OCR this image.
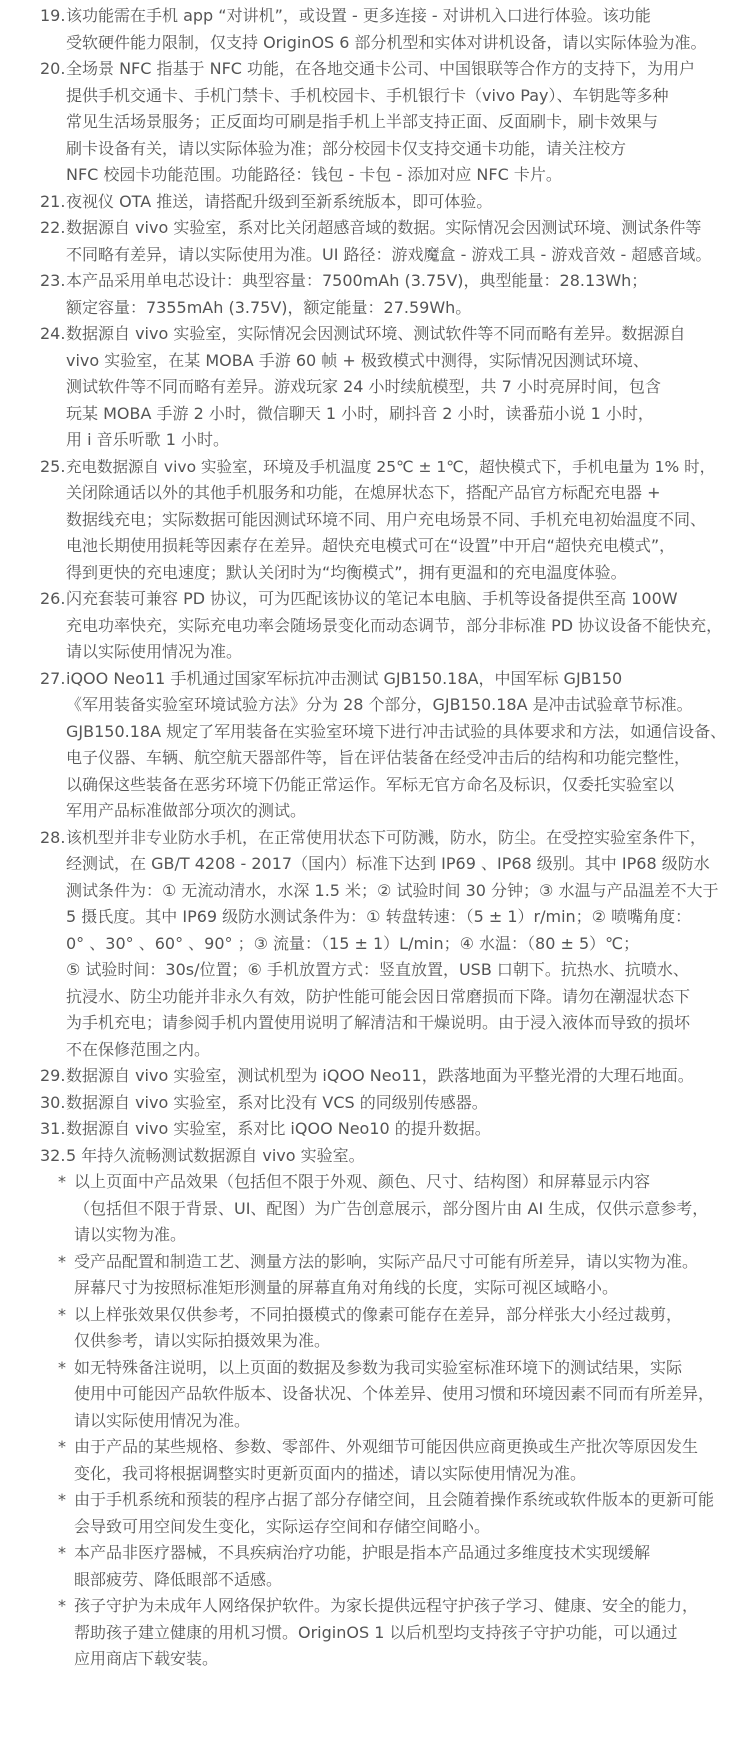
19. 该功能需在手机 app “对讲机”，或设置 - 更多连接 - 对讲机入口进行体验。该功能
受软硬件能力限制，仅支持 OriginOS 6 部分机型和实体对讲机设备，请以实际体验为准。
20. 全场景 NFC 指基于 NFC 功能，在各地交通卡公司、中国银联等合作方的支持下，为用户
提供手机交通卡、手机门禁卡、手机校园卡、手机银行卡（vivo Pay）、车钥匙等多种
常见生活场景服务；正反面均可刷是指手机上半部支持正面、反面刷卡，刷卡效果与
刷卡设备有关，请以实际体验为准；部分校园卡仅支持交通卡功能，请关注校方
NFC 校园卡功能范围。功能路径：钱包 - 卡包 - 添加对应 NFC 卡片。
21. 夜视仪 OTA 推送，请搭配升级到至新系统版本，即可体验。
22. 数据源自 vivo 实验室，系对比关闭超感音域的数据。实际情况会因测试环境、测试条件等
不同略有差异，请以实际使用为准。UI 路径：游戏魔盒 - 游戏工具 - 游戏音效 - 超感音域。
23. 本产品采用单电芯设计：典型容量：7500mAh (3.75V)，典型能量：28.13Wh；
额定容量：7355mAh (3.75V)，额定能量：27.59Wh。
24. 数据源自 vivo 实验室，实际情况会因测试环境、测试软件等不同而略有差异。数据源自
vivo 实验室，在某 MOBA 手游 60 帧 + 极致模式中测得，实际情况因测试环境、
测试软件等不同而略有差异。游戏玩家 24 小时续航模型，共 7 小时亮屏时间，包含
玩某 MOBA 手游 2 小时，微信聊天 1 小时，刷抖音 2 小时，读番茄小说 1 小时，
用 i 音乐听歌 1 小时。
25. 充电数据源自 vivo 实验室，环境及手机温度 25℃ ± 1℃，超快模式下，手机电量为 1% 时，
关闭除通话以外的其他手机服务和功能，在熄屏状态下，搭配产品官方标配充电器 +
数据线充电；实际数据可能因测试环境不同、用户充电场景不同、手机充电初始温度不同、
电池长期使用损耗等因素存在差异。超快充电模式可在“设置”中开启“超快充电模式”，
得到更快的充电速度；默认关闭时为“均衡模式”，拥有更温和的充电温度体验。
26. 闪充套装可兼容 PD 协议，可为匹配该协议的笔记本电脑、手机等设备提供至高 100W
充电功率快充，实际充电功率会随场景变化而动态调节，部分非标准 PD 协议设备不能快充，
请以实际使用情况为准。
27. iQOO Neo11 手机通过国家军标抗冲击测试 GJB150.18A，中国军标 GJB150
《军用装备实验室环境试验方法》分为 28 个部分，GJB150.18A 是冲击试验章节标准。
GJB150.18A 规定了军用装备在实验室环境下进行冲击试验的具体要求和方法，如通信设备、
电子仪器、车辆、航空航天器部件等，旨在评估装备在经受冲击后的结构和功能完整性，
以确保这些装备在恶劣环境下仍能正常运作。军标无官方命名及标识，仅委托实验室以
军用产品标准做部分项次的测试。
28. 该机型并非专业防水手机，在正常使用状态下可防溅，防水，防尘。在受控实验室条件下，
经测试，在 GB/T 4208 - 2017（国内）标准下达到 IP69 、IP68 级别。其中 IP68 级防水
测试条件为：① 无流动清水，水深 1.5 米；② 试验时间 30 分钟；③ 水温与产品温差不大于
5 摄氏度。其中 IP69 级防水测试条件为：① 转盘转速：（5 ± 1）r/min；② 喷嘴角度：
0° 、30° 、60° 、90° ；③ 流量：（15 ± 1）L/min；④ 水温：（80 ± 5）℃；
⑤ 试验时间：30s/位置；⑥ 手机放置方式：竖直放置，USB 口朝下。抗热水、抗喷水、
抗浸水、防尘功能并非永久有效，防护性能可能会因日常磨损而下降。请勿在潮湿状态下
为手机充电；请参阅手机内置使用说明了解清洁和干燥说明。由于浸入液体而导致的损坏
不在保修范围之内。
29. 数据源自 vivo 实验室，测试机型为 iQOO Neo11，跌落地面为平整光滑的大理石地面。
30. 数据源自 vivo 实验室，系对比没有 VCS 的同级别传感器。
31. 数据源自 vivo 实验室，系对比 iQOO Neo10 的提升数据。
32. 5 年持久流畅测试数据源自 vivo 实验室。
* 以上页面中产品效果（包括但不限于外观、颜色、尺寸、结构图）和屏幕显示内容
（包括但不限于背景、UI、配图）为广告创意展示，部分图片由 AI 生成，仅供示意参考，
请以实物为准。
* 受产品配置和制造工艺、测量方法的影响，实际产品尺寸可能有所差异，请以实物为准。
屏幕尺寸为按照标准矩形测量的屏幕直角对角线的长度，实际可视区域略小。
* 以上样张效果仅供参考，不同拍摄模式的像素可能存在差异，部分样张大小经过裁剪，
仅供参考，请以实际拍摄效果为准。
* 如无特殊备注说明，以上页面的数据及参数为我司实验室标准环境下的测试结果，实际
使用中可能因产品软件版本、设备状况、个体差异、使用习惯和环境因素不同而有所差异，
请以实际使用情况为准。
* 由于产品的某些规格、参数、零部件、外观细节可能因供应商更换或生产批次等原因发生
变化，我司将根据调整实时更新页面内的描述，请以实际使用情况为准。
* 由于手机系统和预装的程序占据了部分存储空间，且会随着操作系统或软件版本的更新可能
会导致可用空间发生变化，实际运存空间和存储空间略小。
* 本产品非医疗器械，不具疾病治疗功能，护眼是指本产品通过多维度技术实现缓解
眼部疲劳、降低眼部不适感。
* 孩子守护为未成年人网络保护软件。为家长提供远程守护孩子学习、健康、安全的能力，
帮助孩子建立健康的用机习惯。OriginOS 1 以后机型均支持孩子守护功能，可以通过
应用商店下载安装。
